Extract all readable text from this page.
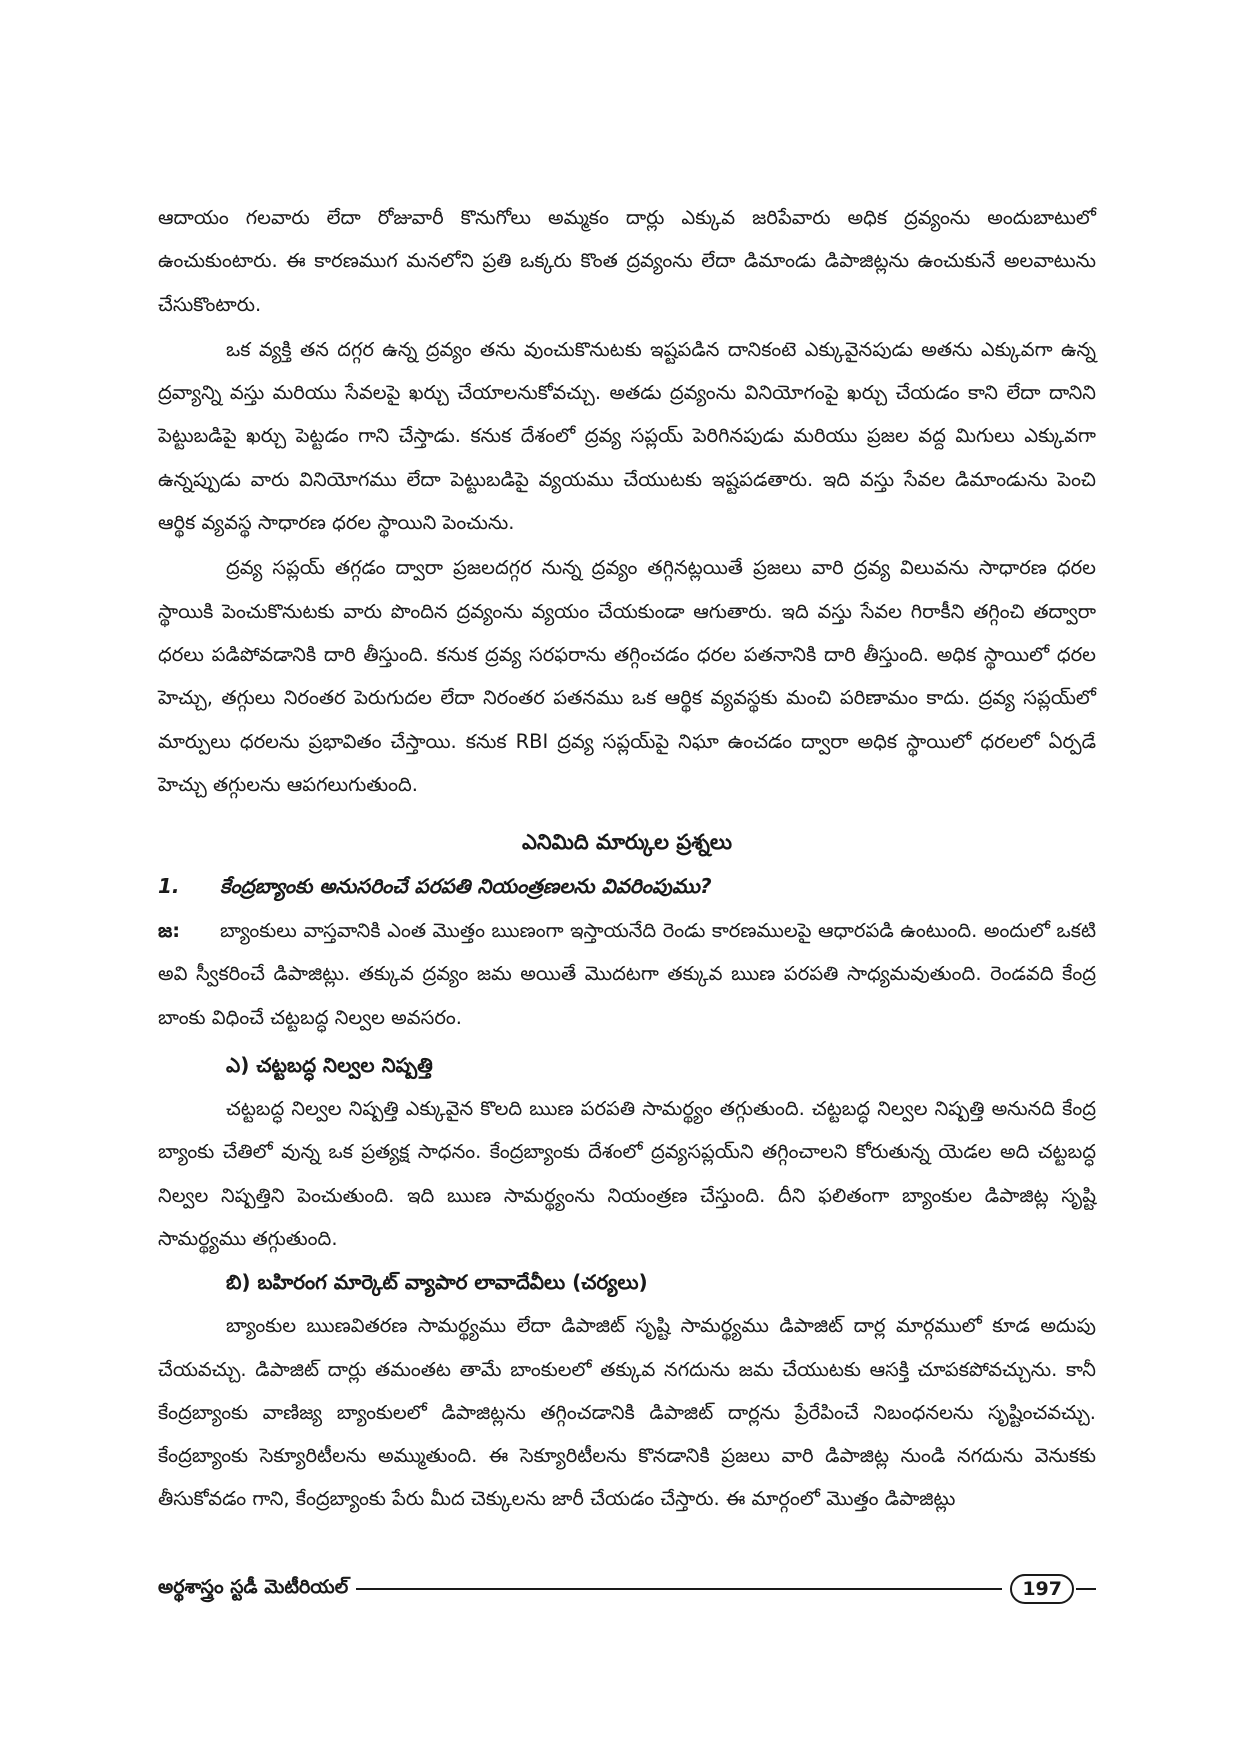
ఆదాయం గలవారు లేదా రోజువారీ కొనుగోలు అమ్మకం దార్లు ఎక్కువ జరిపేవారు అధిక ద్రవ్యంను అందుబాటులో ఉంచుకుంటారు. ఈ కారణముగ మనలోని ప్రతి ఒక్కరు కొంత ద్రవ్యంను లేదా డిమాండు డిపాజిట్లను ఉంచుకునే అలవాటును చేసుకొంటారు.

ఒక వ్యక్తి తన దగ్గర ఉన్న ద్రవ్యం తను వుంచుకొనుటకు ఇష్టపడిన దానికంటె ఎక్కువైనపుడు అతను ఎక్కువగా ఉన్న ద్రవ్యాన్ని వస్తు మరియు సేవలపై ఖర్చు చేయాలనుకోవచ్చు. అతడు ద్రవ్యంను వినియోగంపై ఖర్చు చేయడం కాని లేదా దానిని పెట్టుబడిపై ఖర్చు పెట్టడం గాని చేస్తాడు. కనుక దేశంలో ద్రవ్య సప్లయ్ పెరిగినపుడు మరియు ప్రజల వద్ద మిగులు ఎక్కువగా ఉన్నప్పుడు వారు వినియోగము లేదా పెట్టుబడిపై వ్యయము చేయుటకు ఇష్టపడతారు. ఇది వస్తు సేవల డిమాండును పెంచి ఆర్థిక వ్యవస్థ సాధారణ ధరల స్థాయిని పెంచును.

ద్రవ్య సప్లయ్ తగ్గడం ద్వారా ప్రజలదగ్గర నున్న ద్రవ్యం తగ్గినట్లయితే ప్రజలు వారి ద్రవ్య విలువను సాధారణ ధరల స్థాయికి పెంచుకొనుటకు వారు పొందిన ద్రవ్యంను వ్యయం చేయకుండా ఆగుతారు. ఇది వస్తు సేవల గిరాకీని తగ్గించి తద్వారా ధరలు పడిపోవడానికి దారి తీస్తుంది. కనుక ద్రవ్య సరఫరాను తగ్గించడం ధరల పతనానికి దారి తీస్తుంది. అధిక స్థాయిలో ధరల హెచ్చు, తగ్గులు నిరంతర పెరుగుదల లేదా నిరంతర పతనము ఒక ఆర్థిక వ్యవస్థకు మంచి పరిణామం కాదు. ద్రవ్య సప్లయ్‌లో మార్పులు ధరలను ప్రభావితం చేస్తాయి. కనుక RBI ద్రవ్య సప్లయ్‌పై నిఘా ఉంచడం ద్వారా అధిక స్థాయిలో ధరలలో ఏర్పడే హెచ్చు తగ్గులను ఆపగలుగుతుంది.

ఎనిమిది మార్కుల ప్రశ్నలు
1.	కేంద్రబ్యాంకు అనుసరించే పరపతి నియంత్రణలను వివరింపుము?

జ: బ్యాంకులు వాస్తవానికి ఎంత మొత్తం ఋణంగా ఇస్తాయనేది రెండు కారణములపై ఆధారపడి ఉంటుంది. అందులో ఒకటి అవి స్వీకరించే డిపాజిట్లు. తక్కువ ద్రవ్యం జమ అయితే మొదటగా తక్కువ ఋణ పరపతి సాధ్యమవుతుంది. రెండవది కేంద్ర బాంకు విధించే చట్టబద్ధ నిల్వల అవసరం.

ఎ) చట్టబద్ధ నిల్వల నిష్పత్తి

చట్టబద్ధ నిల్వల నిష్పత్తి ఎక్కువైన కొలది ఋణ పరపతి సామర్థ్యం తగ్గుతుంది. చట్టబద్ధ నిల్వల నిష్పత్తి అనునది కేంద్ర బ్యాంకు చేతిలో వున్న ఒక ప్రత్యక్ష సాధనం. కేంద్రబ్యాంకు దేశంలో ద్రవ్యసప్లయ్‌ని తగ్గించాలని కోరుతున్న యెడల అది చట్టబద్ధ నిల్వల నిష్పత్తిని పెంచుతుంది. ఇది ఋణ సామర్థ్యంను నియంత్రణ చేస్తుంది. దీని ఫలితంగా బ్యాంకుల డిపాజిట్ల సృష్టి సామర్థ్యము తగ్గుతుంది.

బి) బహిరంగ మార్కెట్ వ్యాపార లావాదేవీలు (చర్యలు)

బ్యాంకుల ఋణవితరణ సామర్థ్యము లేదా డిపాజిట్ సృష్టి సామర్థ్యము డిపాజిట్ దార్ల మార్గములో కూడ అదుపు చేయవచ్చు. డిపాజిట్ దార్లు తమంతట తామే బాంకులలో తక్కువ నగదును జమ చేయుటకు ఆసక్తి చూపకపోవచ్చును. కానీ కేంద్రబ్యాంకు వాణిజ్య బ్యాంకులలో డిపాజిట్లను తగ్గించడానికి డిపాజిట్ దార్లను ప్రేరేపించే నిబంధనలను సృష్టించవచ్చు. కేంద్రబ్యాంకు సెక్యూరిటీలను అమ్ముతుంది. ఈ సెక్యూరిటీలను కొనడానికి ప్రజలు వారి డిపాజిట్ల నుండి నగదును వెనుకకు తీసుకోవడం గాని, కేంద్రబ్యాంకు పేరు మీద చెక్కులను జారీ చేయడం చేస్తారు. ఈ మార్గంలో మొత్తం డిపాజిట్లు

అర్థశాస్త్రం స్టడీ మెటీరియల్	197
